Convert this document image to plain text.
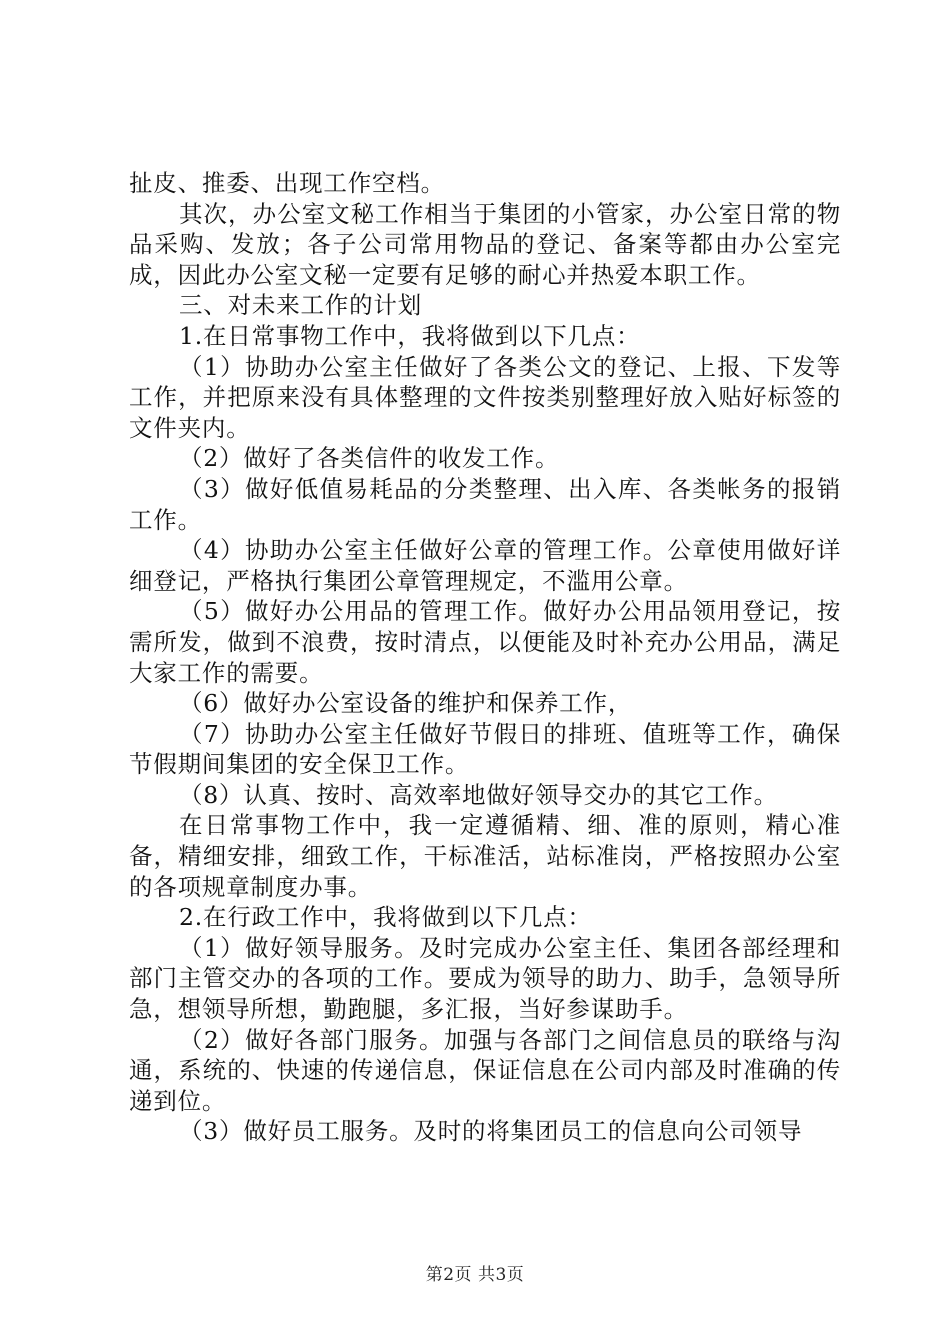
扯皮、推委、出现工作空档。

其次，办公室文秘工作相当于集团的小管家，办公室日常的物品采购、发放；各子公司常用物品的登记、备案等都由办公室完成，因此办公室文秘一定要有足够的耐心并热爱本职工作。

三、对未来工作的计划

1.在日常事物工作中，我将做到以下几点：

（1）协助办公室主任做好了各类公文的登记、上报、下发等工作，并把原来没有具体整理的文件按类别整理好放入贴好标签的文件夹内。

（2）做好了各类信件的收发工作。

（3）做好低值易耗品的分类整理、出入库、各类帐务的报销工作。

（4）协助办公室主任做好公章的管理工作。公章使用做好详细登记，严格执行集团公章管理规定，不滥用公章。

（5）做好办公用品的管理工作。做好办公用品领用登记，按需所发，做到不浪费，按时清点，以便能及时补充办公用品，满足大家工作的需要。

（6）做好办公室设备的维护和保养工作，

（7）协助办公室主任做好节假日的排班、值班等工作，确保节假期间集团的安全保卫工作。

（8）认真、按时、高效率地做好领导交办的其它工作。

在日常事物工作中，我一定遵循精、细、准的原则，精心准备，精细安排，细致工作，干标准活，站标准岗，严格按照办公室的各项规章制度办事。

2.在行政工作中，我将做到以下几点：

（1）做好领导服务。及时完成办公室主任、集团各部经理和部门主管交办的各项的工作。要成为领导的助力、助手，急领导所急，想领导所想，勤跑腿，多汇报，当好参谋助手。

（2）做好各部门服务。加强与各部门之间信息员的联络与沟通，系统的、快速的传递信息，保证信息在公司内部及时准确的传递到位。

（3）做好员工服务。及时的将集团员工的信息向公司领导

第2页 共3页
